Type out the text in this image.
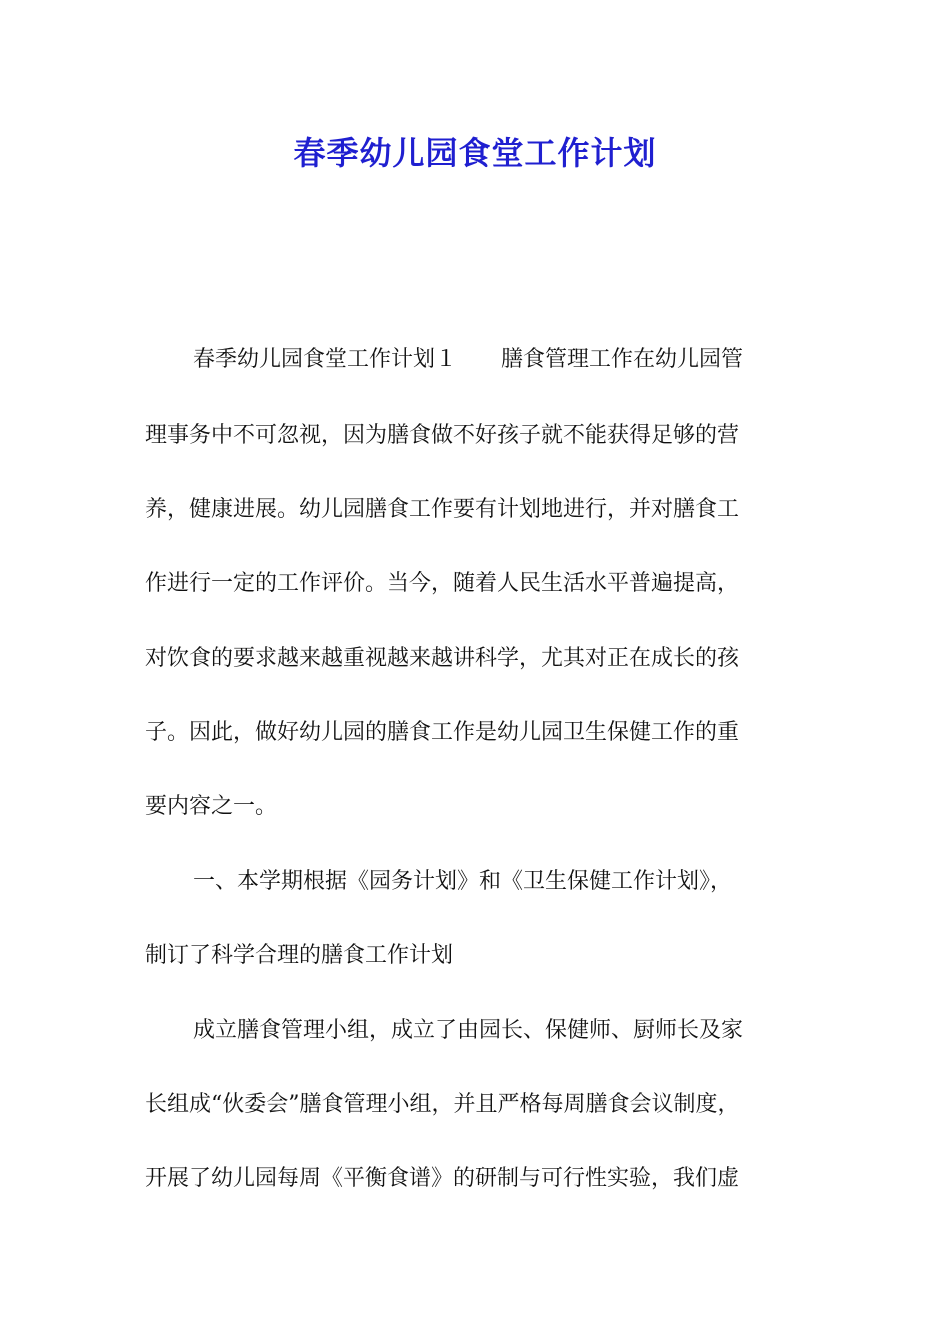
春季幼儿园食堂工作计划

春季幼儿园食堂工作计划１　　膳食管理工作在幼儿园管

理事务中不可忽视，因为膳食做不好孩子就不能获得足够的营

养，健康进展。幼儿园膳食工作要有计划地进行，并对膳食工

作进行一定的工作评价。当今，随着人民生活水平普遍提高，

对饮食的要求越来越重视越来越讲科学，尤其对正在成长的孩

子。因此，做好幼儿园的膳食工作是幼儿园卫生保健工作的重

要内容之一。

一、本学期根据《园务计划》和《卫生保健工作计划》，

制订了科学合理的膳食工作计划

成立膳食管理小组，成立了由园长、保健师、厨师长及家

长组成“伙委会”膳食管理小组，并且严格每周膳食会议制度，

开展了幼儿园每周《平衡食谱》的研制与可行性实验，我们虚
